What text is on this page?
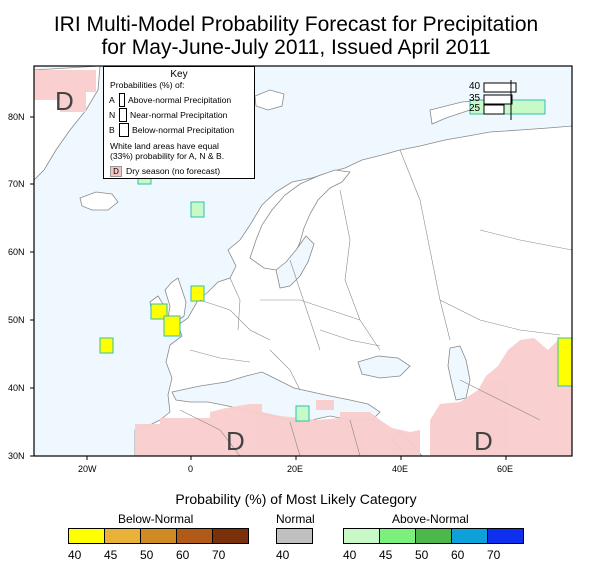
IRI Multi-Model Probability Forecast for Precipitation
for May-June-July 2011, Issued April 2011
40
35
25
D
D	D
80N
70N
60N
50N
40N
30N
20W	0	20E	40E	60E
Key
Probabilities (%) of:
A Above-normal Precipitation
N Near-normal Precipitation
B Below-normal Precipitation
White land areas have equal
(33%) probability for A, N & B.
D Dry season (no forecast)
Probability (%) of Most Likely Category
Below-Normal	Normal	Above-Normal
40 45 50 60 70	40	40 45 50 60 70
